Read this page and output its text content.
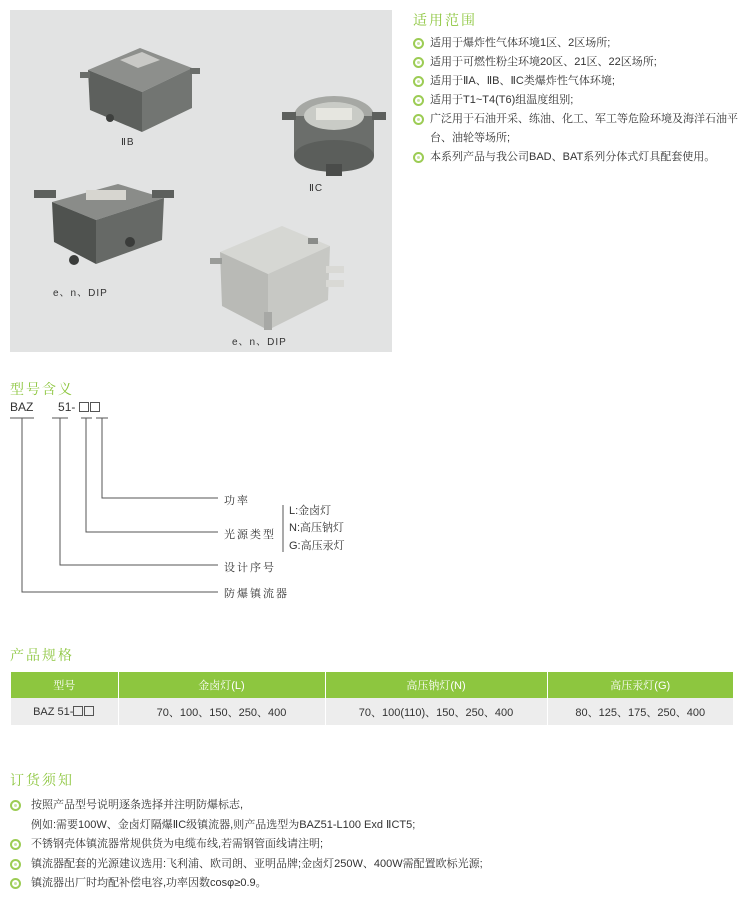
ⅡB
ⅡC
e、n、DIP
e、n、DIP
适用范围
适用于爆炸性气体环境1区、2区场所;
适用于可燃性粉尘环境20区、21区、22区场所;
适用于ⅡA、ⅡB、ⅡC类爆炸性气体环境;
适用于T1~T4(T6)组温度组别;
广泛用于石油开采、练油、化工、军工等危险环境及海洋石油平台、油轮等场所;
本系列产品与我公司BAD、BAT系列分体式灯具配套使用。
型号含义
BAZ 51-
功率
光源类型
设计序号
防爆镇流器
L:金卤灯
N:高压钠灯
G:高压汞灯
产品规格
型号	金卤灯(L)	高压钠灯(N)	高压汞灯(G)
BAZ 51-	70、100、150、250、400	70、100(110)、150、250、400	80、125、175、250、400
订货须知
按照产品型号说明逐条选择并注明防爆标志,
例如:需要100W、金卤灯隔爆ⅡC级镇流器,则产品选型为BAZ51-L100 Exd ⅡCT5;
不锈钢壳体镇流器常规供货为电缆布线,若需钢管面线请注明;
镇流器配套的光源建议选用:飞利浦、欧司朗、亚明品牌;金卤灯250W、400W需配置欧标光源;
镇流器出厂时均配补偿电容,功率因数cosφ≥0.9。
